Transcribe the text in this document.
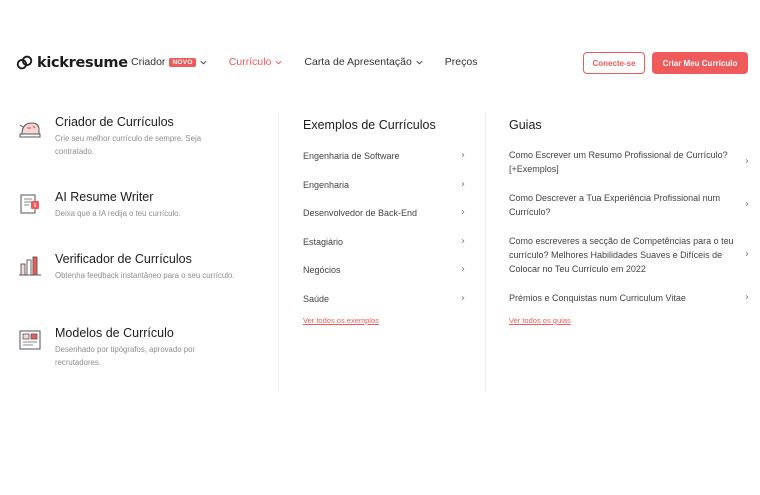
kickresume Criador	NOVO	Currículo	Carta de Apresentação	Preços	Conecte-se	Criar Meu Currículo
Criador de Currículos
Crie seu melhor currículo de sempre. Seja contratado.
AI Resume Writer
Deixa que a IA redija o teu currículo.
Verificador de Currículos
Obtenha feedback instantâneo para o seu currículo.
Modelos de Currículo
Desenhado por tipógrafos, aprovado por recrutadores.
Exemplos de Currículos
Engenharia de Software	›
Engenharia	›
Desenvolvedor de Back-End	›
Estagiário	›
Negócios	›
Saúde	›
Ver todos os exemplos
Guias
Como Escrever um Resumo Profissional de Currículo? [+Exemplos]
›
Como Descrever a Tua Experiência Profissional num Currículo?
›
Como escreveres a secção de Competências para o teu currículo? Melhores Habilidades Suaves e Difíceis de Colocar no Teu Currículo em 2022
›
Prémios e Conquistas num Curriculum Vitae	›
Ver todos os guias
